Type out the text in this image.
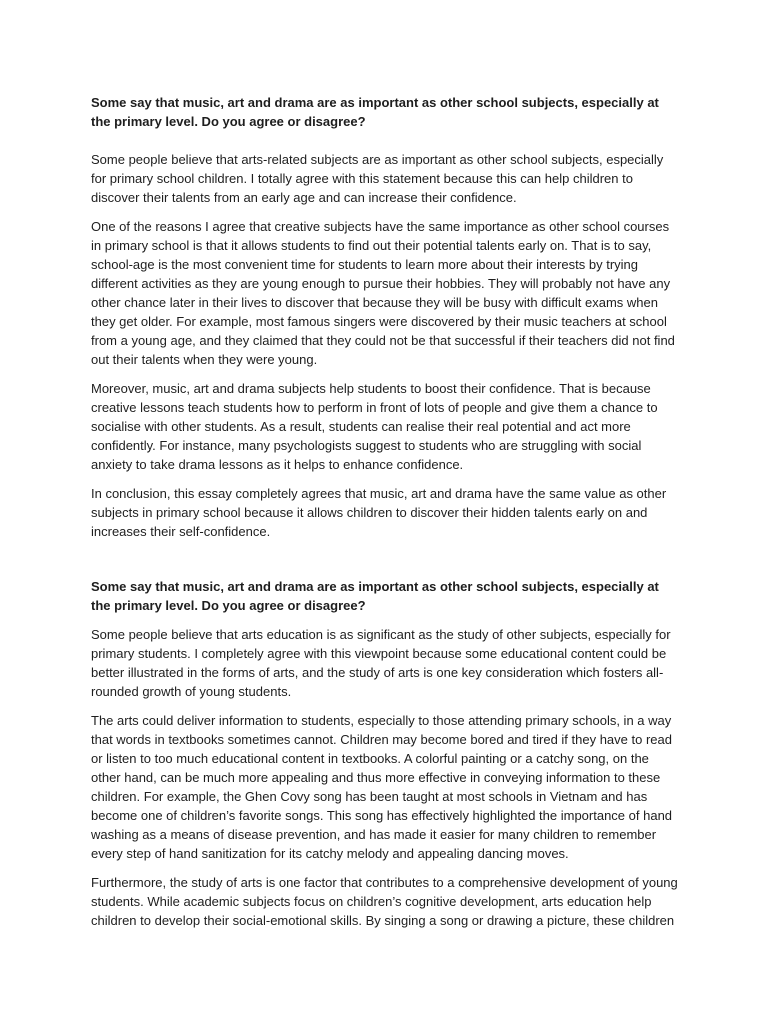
Some say that music, art and drama are as important as other school subjects, especially at the primary level. Do you agree or disagree?

Some people believe that arts-related subjects are as important as other school subjects, especially for primary school children. I totally agree with this statement because this can help children to discover their talents from an early age and can increase their confidence.

One of the reasons I agree that creative subjects have the same importance as other school courses in primary school is that it allows students to find out their potential talents early on. That is to say, school-age is the most convenient time for students to learn more about their interests by trying different activities as they are young enough to pursue their hobbies. They will probably not have any other chance later in their lives to discover that because they will be busy with difficult exams when they get older. For example, most famous singers were discovered by their music teachers at school from a young age, and they claimed that they could not be that successful if their teachers did not find out their talents when they were young.

Moreover, music, art and drama subjects help students to boost their confidence. That is because creative lessons teach students how to perform in front of lots of people and give them a chance to socialise with other students. As a result, students can realise their real potential and act more confidently. For instance, many psychologists suggest to students who are struggling with social anxiety to take drama lessons as it helps to enhance confidence.

In conclusion, this essay completely agrees that music, art and drama have the same value as other subjects in primary school because it allows children to discover their hidden talents early on and increases their self-confidence.

Some say that music, art and drama are as important as other school subjects, especially at the primary level. Do you agree or disagree?

Some people believe that arts education is as significant as the study of other subjects, especially for primary students. I completely agree with this viewpoint because some educational content could be better illustrated in the forms of arts, and the study of arts is one key consideration which fosters all-rounded growth of young students.

The arts could deliver information to students, especially to those attending primary schools, in a way that words in textbooks sometimes cannot. Children may become bored and tired if they have to read or listen to too much educational content in textbooks. A colorful painting or a catchy song, on the other hand, can be much more appealing and thus more effective in conveying information to these children. For example, the Ghen Covy song has been taught at most schools in Vietnam and has become one of children’s favorite songs. This song has effectively highlighted the importance of hand washing as a means of disease prevention, and has made it easier for many children to remember every step of hand sanitization for its catchy melody and appealing dancing moves.

Furthermore, the study of arts is one factor that contributes to a comprehensive development of young students. While academic subjects focus on children’s cognitive development, arts education help children to develop their social-emotional skills. By singing a song or drawing a picture, these children
